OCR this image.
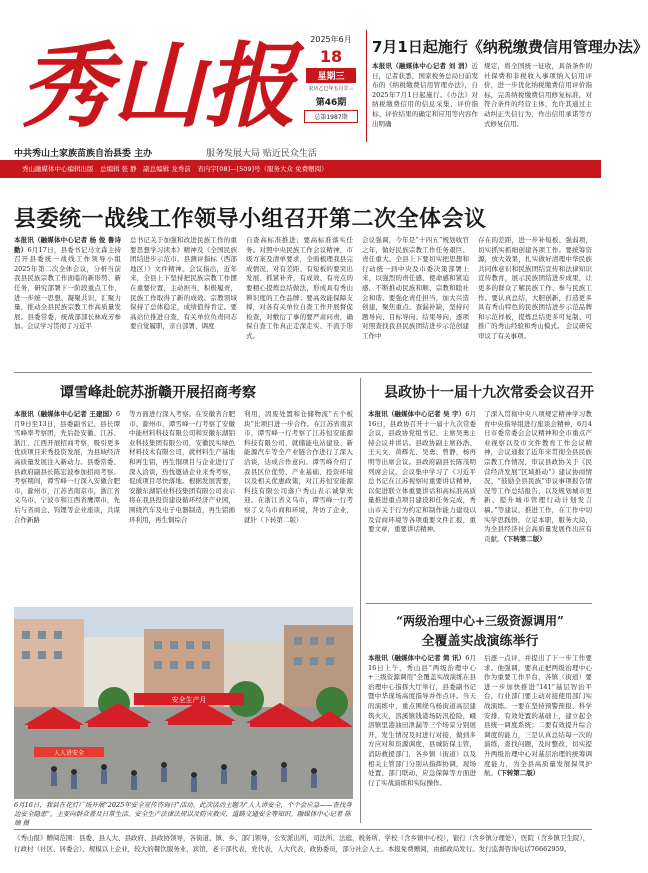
秀山报	2025年6月
18
星期三
农历乙巳年五月廿三
第46期
总第1987期
中共秀山土家族苗族自治县委 主办	服务发展大局 贴近民众生活
秀山融媒体中心编辑出版　总编辑 张 静　副总编辑 龙秀前　省内字[08]—[509]号（服务大众 免费赠阅）
7月1日起施行《纳税缴费信用管理办法》
本报讯（融媒体中心记者 刘 消）近日，记者获悉，国家税务总局日前发布的《纳税缴费信用管理办法》，自2025年7月1日起施行。《办法》对纳税缴费信用的信息采集、评价指标、评价结果的确定和应用等内容作出明确
规定，将全国统一征收，具备条件的社保费和非税收入事项纳入信用评价，进一步优化纳税缴费信用评价指标，完善纳税缴费信用修复标准，对符合条件的经营主体，允许其通过主动纠正失信行为，作出信用承诺等方式修复信用。
县委统一战线工作领导小组召开第二次全体会议
本报讯（融媒体中心记者 杨 俊 鲁诗勤）6月17日，县委书记马文森主持召开县委统一战线工作领导小组2025年第二次全体会议，分析当前我县民族宗教工作面临的新形势、新任务，研究部署下一阶段重点工作，进一步统一思想、凝聚共识、汇聚力量，推动全县民族宗教工作高质量发展。县委常委，统战部部长林成芳参加。会议学习贯彻了习近平
总书记关于加强和改进民族工作的重要思想学习读本》精神及《全国民族团结进步示范市、县测评指标（西部地区）》文件精神。会议指出，近年来，全县上下坚持把民族宗教工作摆在重要位置，主动担当，积极履责，民族工作取得了新的成效。宗教领域保持了总体稳定，成绩值得肯定。要高站位推进自查，有关单位负责同志要自觉履职，亲自部署、调度
自查高标准推进；要高标准落实任务。对照中央民族工作会议精神，市级方案及清单要求，全面梳理我县完成情况，对有差距、有短板的要突出发展、抓紧补齐，有成效、有亮点的要精心提炼总结做法，形成具有秀山辨识度的工作品牌；要高效能保障支撑，对各有关单位自查工作开展督促检查，对敷衍了事的要严肃问责，确保自查工作真正走深走实、不流于形式。
会议强调，今年是“十四五”规划收官之年，做好民族宗教工作任务艰巨、责任重大。全县上下要切实把思想和行动统一到中央及市委决策部署上来，以强烈的责任感、使命感和紧迫感，不断推动民族和顺、宗教和睦社会和谐。要强化责任担当，加大兴造创建，聚焦重点、查漏补缺，坚持问题导向、目标导向、结果导向，逐项对照查找我县民族团结进步示范创建工作中
存在的差距，进一步补短板、强弱项，切实抓实抓细创建各项工作。要统筹资源，放大效果，扎实做好清理中华民族共同体意识和民族团结宣传和法律知识宣传教育，展示民族团结进步成果，让更多的群众了解民族工作、参与民族工作。要认真总结，大胆创新，打造更多具有秀山特色的民族团结进步示范品牌和示范样板，提炼总结更多可复制、可推广的秀山经验和秀山模式。 会议研究审议了有关事项。
谭雪峰赴皖苏浙赣开展招商考察
本报讯（融媒体中心记者 王建国）6月9日至13日，县委副书记、县长谭雪峰率考察团，先后赴安徽、江苏、浙江、江西开展招商考察，吸引更多优质项目来秀投资发展，为县域经济高质量发展注入新动力。县委常委、县政府副县长陈宏波参加招商考察。考察期间，谭雪峰一行深入安徽合肥市，滁州市，江苏省南京市，浙江省义乌市、宁波市和江西省鹰潭市，先后与省商会、钨锂等企业座谈，共谋合作新路
等方面进行深入考察。在安徽省合肥市、滁州市，谭雪峰一行考察了安徽中能材料科技有限公司和安徽东湖铝业科技集团有限公司，安徽民实绿色材料技术有限公司，就材料生产基地和再生铝，再生铜项目与企业进行了深入洽谈，热忱邀请企业来秀考察，促成项目尽快落地。根据发展需要，安徽东湖铝业科技集团有限公司表示将在我县投资建设循环经济产业园，围绕汽车及电子电器制造，再生铝循环利用，再生铜综合
利用，因废处置和仓储物流“五个板块”比项目进一步合作。在江苏省南京市，谭雪峰一行考察了江苏恒安能源科技有限公司，就储能电站建设、新能源汽车等全产业链合作进行了深入洽谈，达成合作意向。谭雪峰介绍了我县区位优势、产业基础、投资环境以及相关优惠政策，对江苏恒安能源科技有限公司落户秀山表示诚挚欢迎。在浙江省义乌市，谭雪峰一行考察了义乌市商和环境，拜访了企业，就针（下转第二版）
县政协十一届十九次常委会议召开
本报讯（融媒体中心记者 吴 宇）6月16日，县政协召开十一届十九次常委会议，县政协党组书记、主席吴勇主持会议并讲话。县政协副主席孙浩、王天文、黄辉光、吴勇、曾静，杨再明等出席会议。县政府副县长陈茂明列席会议。会议集中学习了《习近平总书记在江苏视察时重要讲话精神，以促进联立体重要讲话和高标准高质量推进重点项目建设和任务完成，秀山市关于行为约定和制作能力建设以及营商环境等各项重要文件汇报，重要文章，重要讲话精神。
了深入贯彻中央八项规定精神学习教育中央指导组进行座谈会精神，6月4日市委常委会会议精神和全市重点产业视察以及市文件教育工作会议精神，会议通报了近年来贯彻全县民族宗教工作情况，审议县政协关于《民营经济发展“区域推动”》建议协商情况、“鼓励全县民族”审议事项报告情况等工作总结报告、以及规划城市更新、提升城市管理行动计划发言稿。”等建议，推进工作，在工作中切实学思践悟，立足本职，服务大局，为全县经济社会高质量发展作出应有贡献。（下转第二版）
“两级治理中心+三级资源调用”
全覆盖实战演练举行
本报讯（融媒体中心记者 简 讯）6月16日上午，秀山县“两级治理中心+三级资源调用”全覆盖实战演练在县治理中心指挥大厅举行，县委副书记暨中华现场高度指导并作点评。当天的演练中，重点围绕乌杨街道高层建筑火灾，溶溪镇钱港场防汛抢险，峨溶镇里港油田泄漏等三个场景分别展开，发生情况及时进行对接，做到多方应对和资源调度，县城防保主管，消防救援部门，各乡镇（街道）以及相关主管部门分别从指挥协调，现场处置、部门联动，应急保障等方面进行了实战演练和实际操作。
后逐一点评，并提出了下一步工作要求。他强调，要真正把两级治理中心作为重要工作平台，各镇（街道）要进一步加快推进“141”基层智治平台，行业部门要主动对接使用部门实战演练。一要在坚持预警预报、科学安排、有效处置的基础上，建立起全县统一调度系统；二要有效提升综合调度的能力，三是认真总结每一次的演练，查找问题，及时整改，切实提升两级治理中心对基层治理的统筹调度能力，为全县高质量发展保驾护航。（下转第二版）
安全生产月
人人讲安全
6月16日，我县在花灯广场开展“2025年安全宣传咨询日”活动。此次活动主题为“人人讲安全，个个会应急——查找身边安全隐患”，主要向群众普及日常生活、安全生产法律法规以及防灾救灾、道路交通安全等知识。融媒体中心记者 陈 瑞 摄
《秀山报》赠阅范围：县委、县人大、县政府、县政协领导，各街道、镇、乡、部门领导，公安派出所，司法所、法庭，税务所，学校（含乡镇中心校），银行（含乡镇分理处），医院（含乡镇卫生院），行政村（社区、居委会）、规模以上企业，较大的餐饮服务业，宾馆，老干部代表，党代表，人大代表，政协委员，部分社会人士。本报免费赠阅，由邮政局发行。发行监督咨询电话76662959。
